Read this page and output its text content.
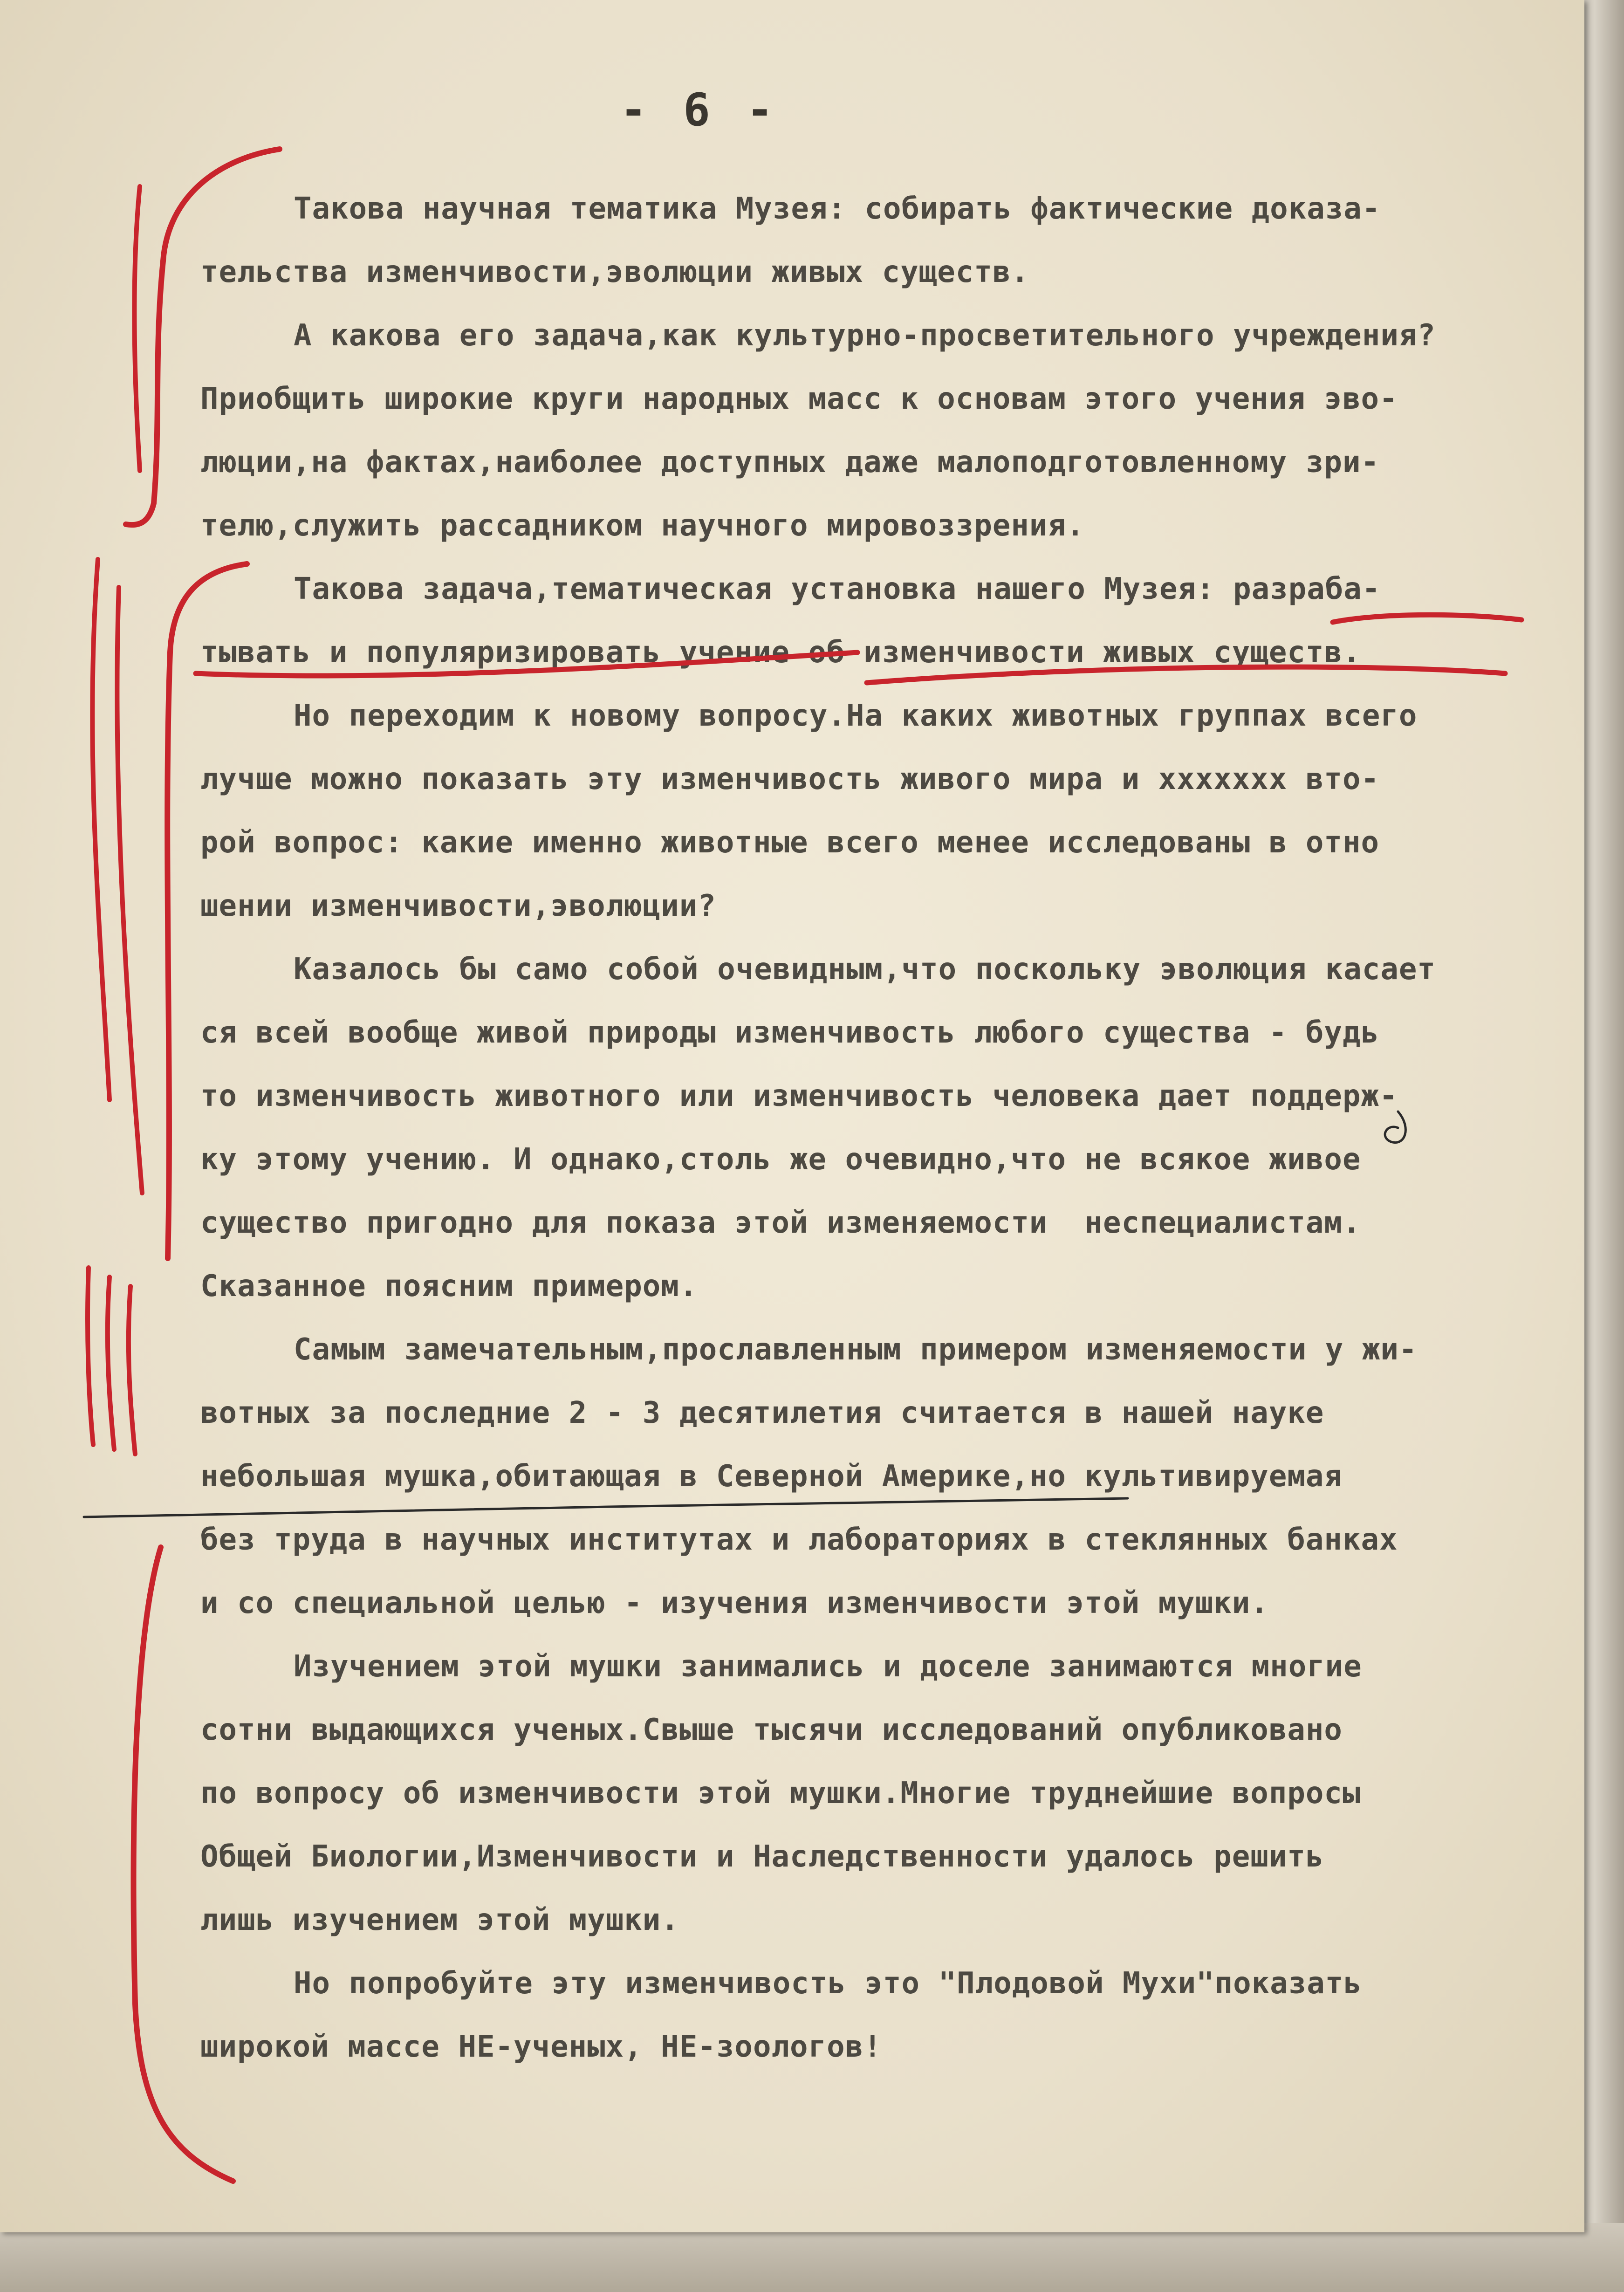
- 6 -
Такова научная тематика Музея: собирать фактические доказа-
тельства изменчивости,эволюции живых существ.
А какова его задача,как культурно-просветительного учреждения?
Приобщить широкие круги народных масс к основам этого учения эво-
люции,на фактах,наиболее доступных даже малоподготовленному зри-
телю,служить рассадником научного мировоззрения.
Такова задача,тематическая установка нашего Музея: разраба-
тывать и популяризировать учение об изменчивости живых существ.
Но переходим к новому вопросу.На каких животных группах всего
лучше можно показать эту изменчивость живого мира и xxxxxxx вто-
рой вопрос: какие именно животные всего менее исследованы в отно
шении изменчивости,эволюции?
Казалось бы само собой очевидным,что поскольку эволюция касает
ся всей вообще живой природы изменчивость любого существа - будь
то изменчивость животного или изменчивость человека дает поддерж-
ку этому учению. И однако,столь же очевидно,что не всякое живое
существо пригодно для показа этой изменяемости  неспециалистам.
Сказанное поясним примером.
Самым замечательным,прославленным примером изменяемости у жи-
вотных за последние 2 - 3 десятилетия считается в нашей науке
небольшая мушка,обитающая в Северной Америке,но культивируемая
без труда в научных институтах и лабораториях в стеклянных банках
и со специальной целью - изучения изменчивости этой мушки.
Изучением этой мушки занимались и доселе занимаются многие
сотни выдающихся ученых.Свыше тысячи исследований опубликовано
по вопросу об изменчивости этой мушки.Многие труднейшие вопросы
Общей Биологии,Изменчивости и Наследственности удалось решить
лишь изучением этой мушки.
Но попробуйте эту изменчивость это "Плодовой Мухи"показать
широкой массе НЕ-ученых, НЕ-зоологов!
